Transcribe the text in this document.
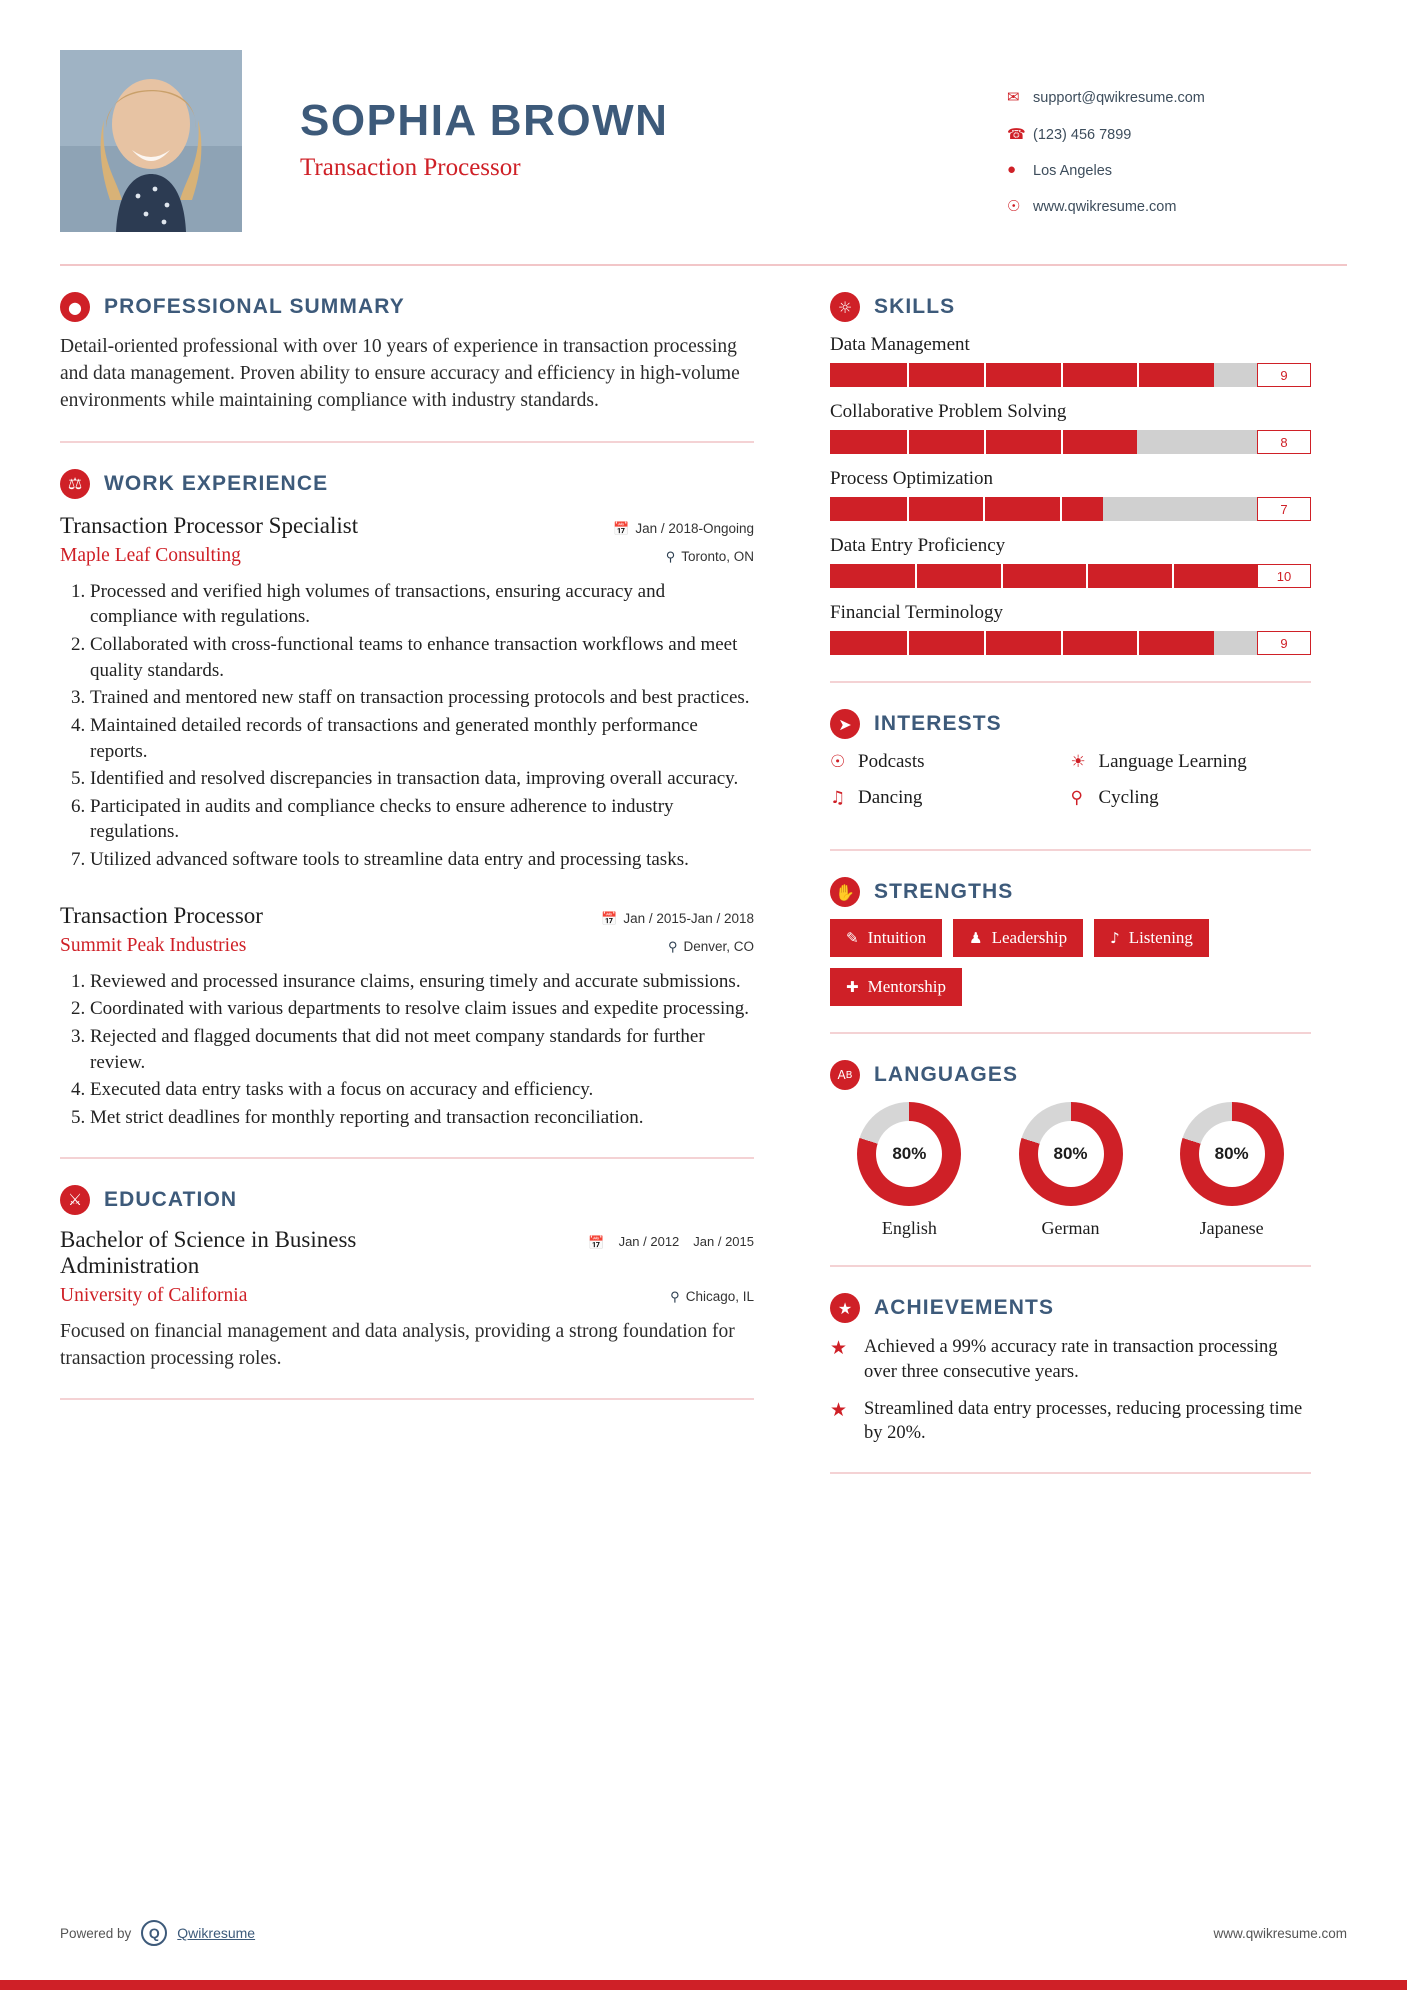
SOPHIA BROWN
Transaction Processor
✉ support@qwikresume.com
☎ (123) 456 7899
●	Los Angeles
☉ www.qwikresume.com
●	PROFESSIONAL SUMMARY
Detail-oriented professional with over 10 years of experience in transaction processing and data management. Proven ability to ensure accuracy and efficiency in high-volume environments while maintaining compliance with industry standards.
⚖	WORK EXPERIENCE
Transaction Processor Specialist	📅 Jan / 2018-Ongoing
Maple Leaf Consulting	⚲ Toronto, ON
1. Processed and verified high volumes of transactions, ensuring accuracy and compliance with regulations.
2. Collaborated with cross-functional teams to enhance transaction workflows and meet quality standards.
3. Trained and mentored new staff on transaction processing protocols and best practices.
4. Maintained detailed records of transactions and generated monthly performance reports.
5. Identified and resolved discrepancies in transaction data, improving overall accuracy.
6. Participated in audits and compliance checks to ensure adherence to industry regulations.
7. Utilized advanced software tools to streamline data entry and processing tasks.
Transaction Processor	📅 Jan / 2015-Jan / 2018
Summit Peak Industries	⚲ Denver, CO
1. Reviewed and processed insurance claims, ensuring timely and accurate submissions.
2. Coordinated with various departments to resolve claim issues and expedite processing.
3. Rejected and flagged documents that did not meet company standards for further review.
4. Executed data entry tasks with a focus on accuracy and efficiency.
5. Met strict deadlines for monthly reporting and transaction reconciliation.
⚔	EDUCATION
Bachelor of Science in Business Administration
📅 Jan / 2012 Jan / 2015
University of California	⚲ Chicago, IL
Focused on financial management and data analysis, providing a strong foundation for transaction processing roles.
☼	SKILLS
Data Management
9
Collaborative Problem Solving
8
Process Optimization
7
Data Entry Proficiency
10
Financial Terminology
9
➤	INTERESTS
☉ Podcasts	☀ Language Learning
♫ Dancing	⚲ Cycling
✋ STRENGTHS
✎ Intuition	♟ Leadership	♪ Listening
✚ Mentorship
A B LANGUAGES
80%
English
80%
German
80%
Japanese
★	ACHIEVEMENTS
★ Achieved a 99% accuracy rate in transaction processing over three consecutive years.
★ Streamlined data entry processes, reducing processing time by 20%.
Powered by	Q	Qwikresume	www.qwikresume.com
